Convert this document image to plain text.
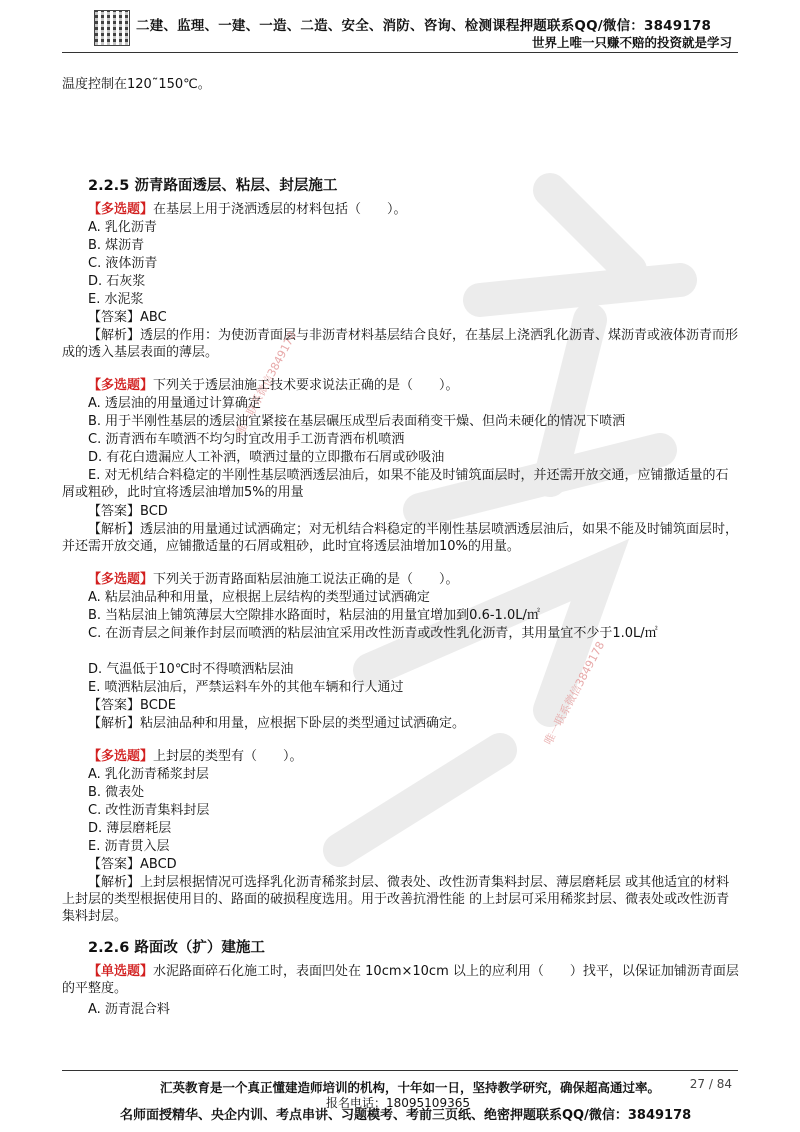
二建、监理、一建、一造、二造、安全、消防、咨询、检测课程押题联系QQ/微信：3849178
世界上唯一只赚不赔的投资就是学习
唯一联系微信3849178
唯一联系微信3849178
温度控制在120˜150℃。
2.2.5 沥青路面透层、粘层、封层施工
【多选题】在基层上用于浇洒透层的材料包括（　　）。
A. 乳化沥青
B. 煤沥青
C. 液体沥青
D. 石灰浆
E. 水泥浆
【答案】ABC
【解析】透层的作用：为使沥青面层与非沥青材料基层结合良好，在基层上浇洒乳化沥青、煤沥青或液体沥青而形成的透入基层表面的薄层。
【多选题】下列关于透层油施工技术要求说法正确的是（　　）。
A. 透层油的用量通过计算确定
B. 用于半刚性基层的透层油宜紧接在基层碾压成型后表面稍变干燥、但尚未硬化的情况下喷洒
C. 沥青洒布车喷洒不均匀时宜改用手工沥青洒布机喷洒
D. 有花白遗漏应人工补洒，喷洒过量的立即撒布石屑或砂吸油
E. 对无机结合料稳定的半刚性基层喷洒透层油后，如果不能及时铺筑面层时，并还需开放交通，应铺撒适量的石屑或粗砂，此时宜将透层油增加5%的用量
【答案】BCD
【解析】透层油的用量通过试洒确定；对无机结合料稳定的半刚性基层喷洒透层油后，如果不能及时铺筑面层时，并还需开放交通，应铺撒适量的石屑或粗砂，此时宜将透层油增加10%的用量。
【多选题】下列关于沥青路面粘层油施工说法正确的是（　　）。
A. 粘层油品种和用量，应根据上层结构的类型通过试洒确定
B. 当粘层油上铺筑薄层大空隙排水路面时，粘层油的用量宜增加到0.6-1.0L/㎡
C. 在沥青层之间兼作封层而喷洒的粘层油宜采用改性沥青或改性乳化沥青，其用量宜不少于1.0L/㎡
D. 气温低于10℃时不得喷洒粘层油
E. 喷洒粘层油后，严禁运料车外的其他车辆和行人通过
【答案】BCDE
【解析】粘层油品种和用量，应根据下卧层的类型通过试洒确定。
【多选题】上封层的类型有（　　）。
A. 乳化沥青稀浆封层
B. 微表处
C. 改性沥青集料封层
D. 薄层磨耗层
E. 沥青贯入层
【答案】ABCD
【解析】上封层根据情况可选择乳化沥青稀浆封层、微表处、改性沥青集料封层、薄层磨耗层 或其他适宜的材料 上封层的类型根据使用目的、路面的破损程度选用。用于改善抗滑性能 的上封层可采用稀浆封层、微表处或改性沥青集料封层。
2.2.6 路面改（扩）建施工
【单选题】水泥路面碎石化施工时，表面凹处在 10cm×10cm 以上的应利用（　　）找平，以保证加铺沥青面层的平整度。
A. 沥青混合料
汇英教育是一个真正懂建造师培训的机构，十年如一日，坚持教学研究，确保超高通过率。 27 / 84
报名电话：18095109365
名师面授精华、央企内训、考点串讲、习题模考、考前三页纸、绝密押题联系QQ/微信：3849178
